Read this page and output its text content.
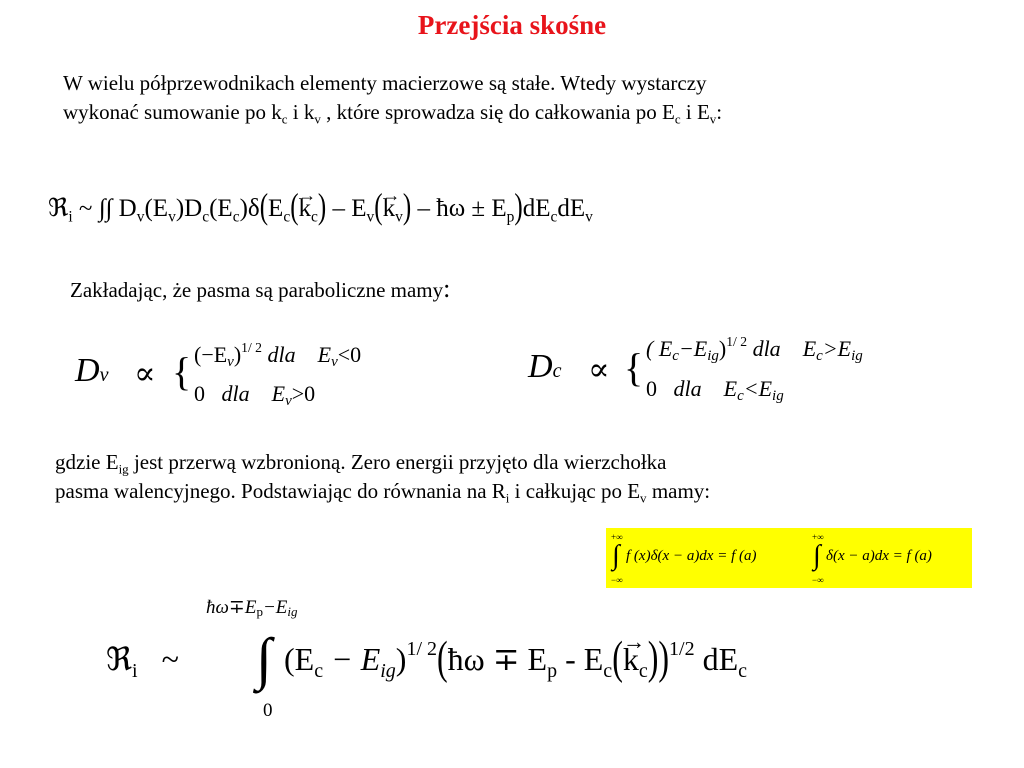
Przejścia skośne
W wielu półprzewodnikach elementy macierzowe są stałe. Wtedy wystarczy
wykonać sumowanie po $k_c$ i $k_v$ , które sprowadza się do całkowania po $E_c$ i $E_v$:
ℜ$_i$ ~ ∫∫ $D_v(E_v)D_c(E_c)\delta(E_c(\to k_c) - E_v(\to k_v)$ – ħω ± $E_p)dE_cdE_v$
Zakładając, że pasma są paraboliczne mamy:
Dv ∝ { $(-Ev)^{1/ 2}$ dla Ev<0
0 dla Ev>0
Dc ∝ { ( Ec−Eig)$^{1/ 2}$ dla Ec>Eig
0 dla Ec<Eig
gdzie $E_{ig}$ jest przerwą wzbronioną. Zero energii przyjęto dla wierzchołka
pasma walencyjnego. Podstawiając do równania na $R_i$ i całkując po $E_v$ mamy:
+∞
∫
−∞
f (x)δ(x − a)dx = f (a)
+∞
∫
−∞
δ(x − a)dx = f (a)
ħω∓Ep−Eig
0
ℜ$_i$ ~ ∫ ($E_c$ − $E_{ig})^{1/ 2}(ħ\omega \mp E_p - E_c(\to k_c))^{1/2}$ $dE_c$
